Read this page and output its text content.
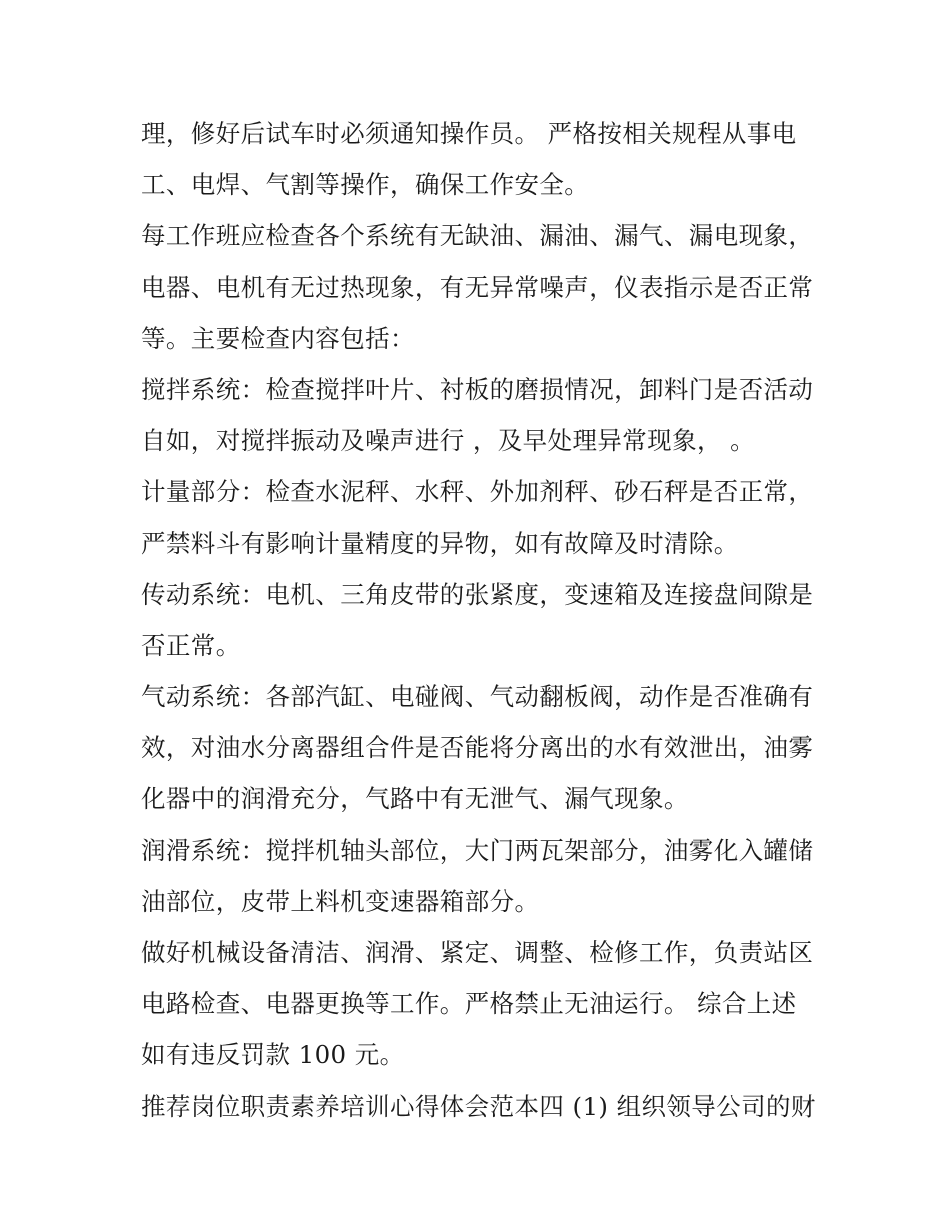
理，修好后试车时必须通知操作员。 严格按相关规程从事电
工、电焊、气割等操作，确保工作安全。
每工作班应检查各个系统有无缺油、漏油、漏气、漏电现象，
电器、电机有无过热现象，有无异常噪声，仪表指示是否正常
等。主要检查内容包括：
搅拌系统：检查搅拌叶片、衬板的磨损情况，卸料门是否活动
自如，对搅拌振动及噪声进行 ，及早处理异常现象， 。
计量部分：检查水泥秤、水秤、外加剂秤、砂石秤是否正常，
严禁料斗有影响计量精度的异物，如有故障及时清除。
传动系统：电机、三角皮带的张紧度，变速箱及连接盘间隙是
否正常。
气动系统：各部汽缸、电碰阀、气动翻板阀，动作是否准确有
效，对油水分离器组合件是否能将分离出的水有效泄出，油雾
化器中的润滑充分，气路中有无泄气、漏气现象。
润滑系统：搅拌机轴头部位，大门两瓦架部分，油雾化入罐储
油部位，皮带上料机变速器箱部分。
做好机械设备清洁、润滑、紧定、调整、检修工作，负责站区
电路检查、电器更换等工作。严格禁止无油运行。 综合上述
如有违反罚款 100 元。
推荐岗位职责素养培训心得体会范本四 (1) 组织领导公司的财
